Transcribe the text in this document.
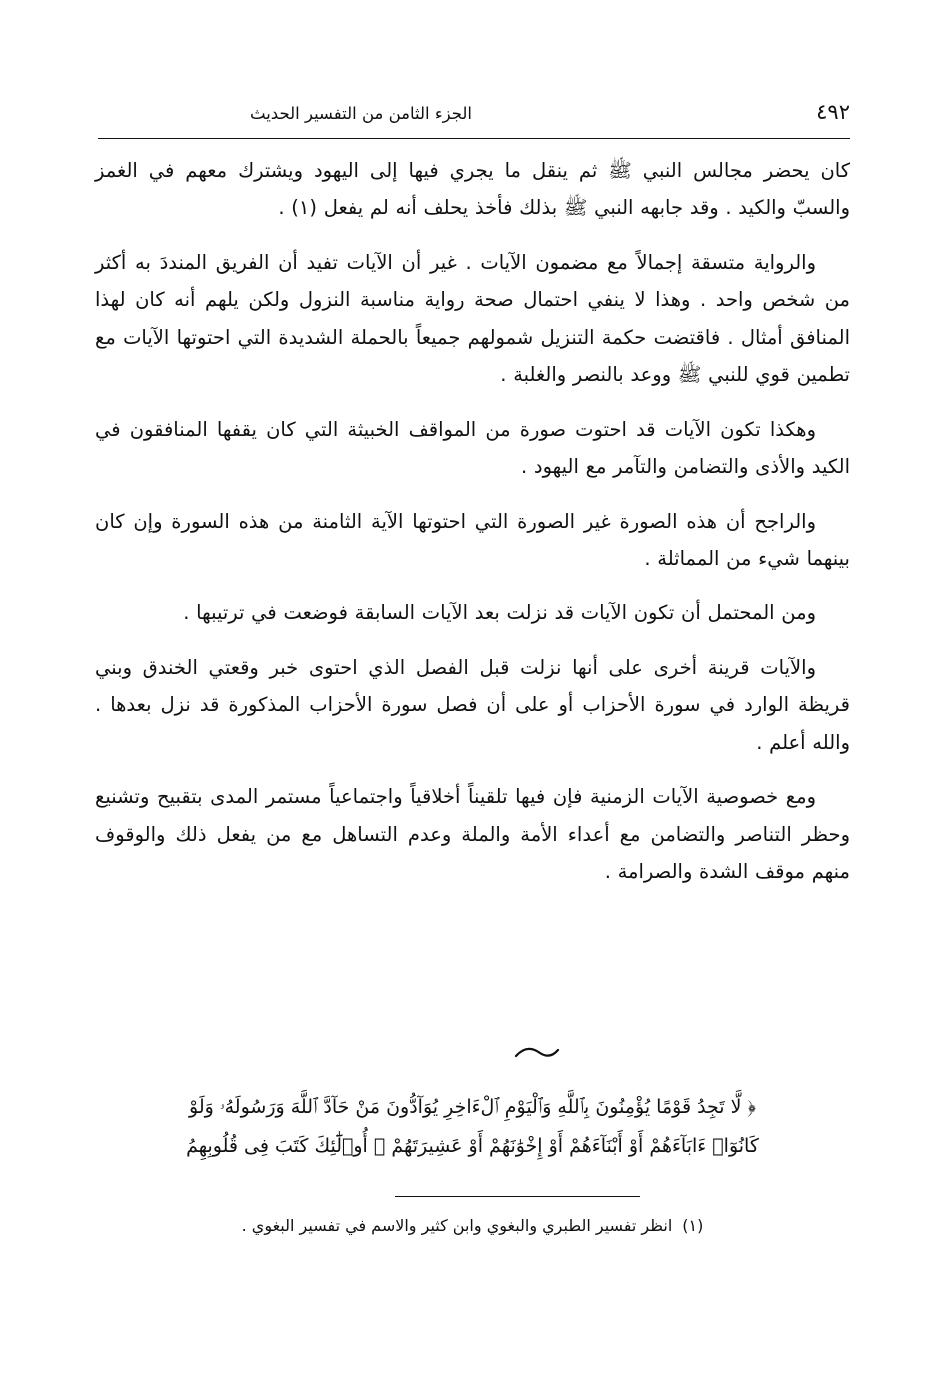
٤٩٢
الجزء الثامن من التفسير الحديث

كان يحضر مجالس النبي ﷺ ثم ينقل ما يجري فيها إلى اليهود ويشترك معهم في الغمز والسبّ والكيد . وقد جابهه النبي ﷺ بذلك فأخذ يحلف أنه لم يفعل (١) .

والرواية متسقة إجمالاً مع مضمون الآيات . غير أن الآيات تفيد أن الفريق المنددَ به أكثر من شخص واحد . وهذا لا ينفي احتمال صحة رواية مناسبة النزول ولكن يلهم أنه كان لهذا المنافق أمثال . فاقتضت حكمة التنزيل شمولهم جميعاً بالحملة الشديدة التي احتوتها الآيات مع تطمين قوي للنبي ﷺ ووعد بالنصر والغلبة .

وهكذا تكون الآيات قد احتوت صورة من المواقف الخبيثة التي كان يقفها المنافقون في الكيد والأذى والتضامن والتآمر مع اليهود .

والراجح أن هذه الصورة غير الصورة التي احتوتها الآية الثامنة من هذه السورة وإن كان بينهما شيء من المماثلة .

ومن المحتمل أن تكون الآيات قد نزلت بعد الآيات السابقة فوضعت في ترتيبها .

والآيات قرينة أخرى على أنها نزلت قبل الفصل الذي احتوى خبر وقعتي الخندق وبني قريظة الوارد في سورة الأحزاب أو على أن فصل سورة الأحزاب المذكورة قد نزل بعدها . والله أعلم .

ومع خصوصية الآيات الزمنية فإن فيها تلقيناً أخلاقياً واجتماعياً مستمر المدى بتقبيح وتشنيع وحظر التناصر والتضامن مع أعداء الأمة والملة وعدم التساهل مع من يفعل ذلك والوقوف منهم موقف الشدة والصرامة .

﴿ لَّا تَجِدُ قَوْمًا يُؤْمِنُونَ بِٱللَّهِ وَٱلْيَوْمِ ٱلْءَاخِرِ يُوَآدُّونَ مَنْ حَآدَّ ٱللَّهَ وَرَسُولَهُۥ وَلَوْ
كَانُوٓا۟ ءَابَآءَهُمْ أَوْ أَبْنَآءَهُمْ أَوْ إِخْوَٰنَهُمْ أَوْ عَشِيرَتَهُمْ ۚ أُو۟لَٰٓئِكَ كَتَبَ فِى قُلُوبِهِمُ
(١)انظر تفسير الطبري والبغوي وابن كثير والاسم في تفسير البغوي .
